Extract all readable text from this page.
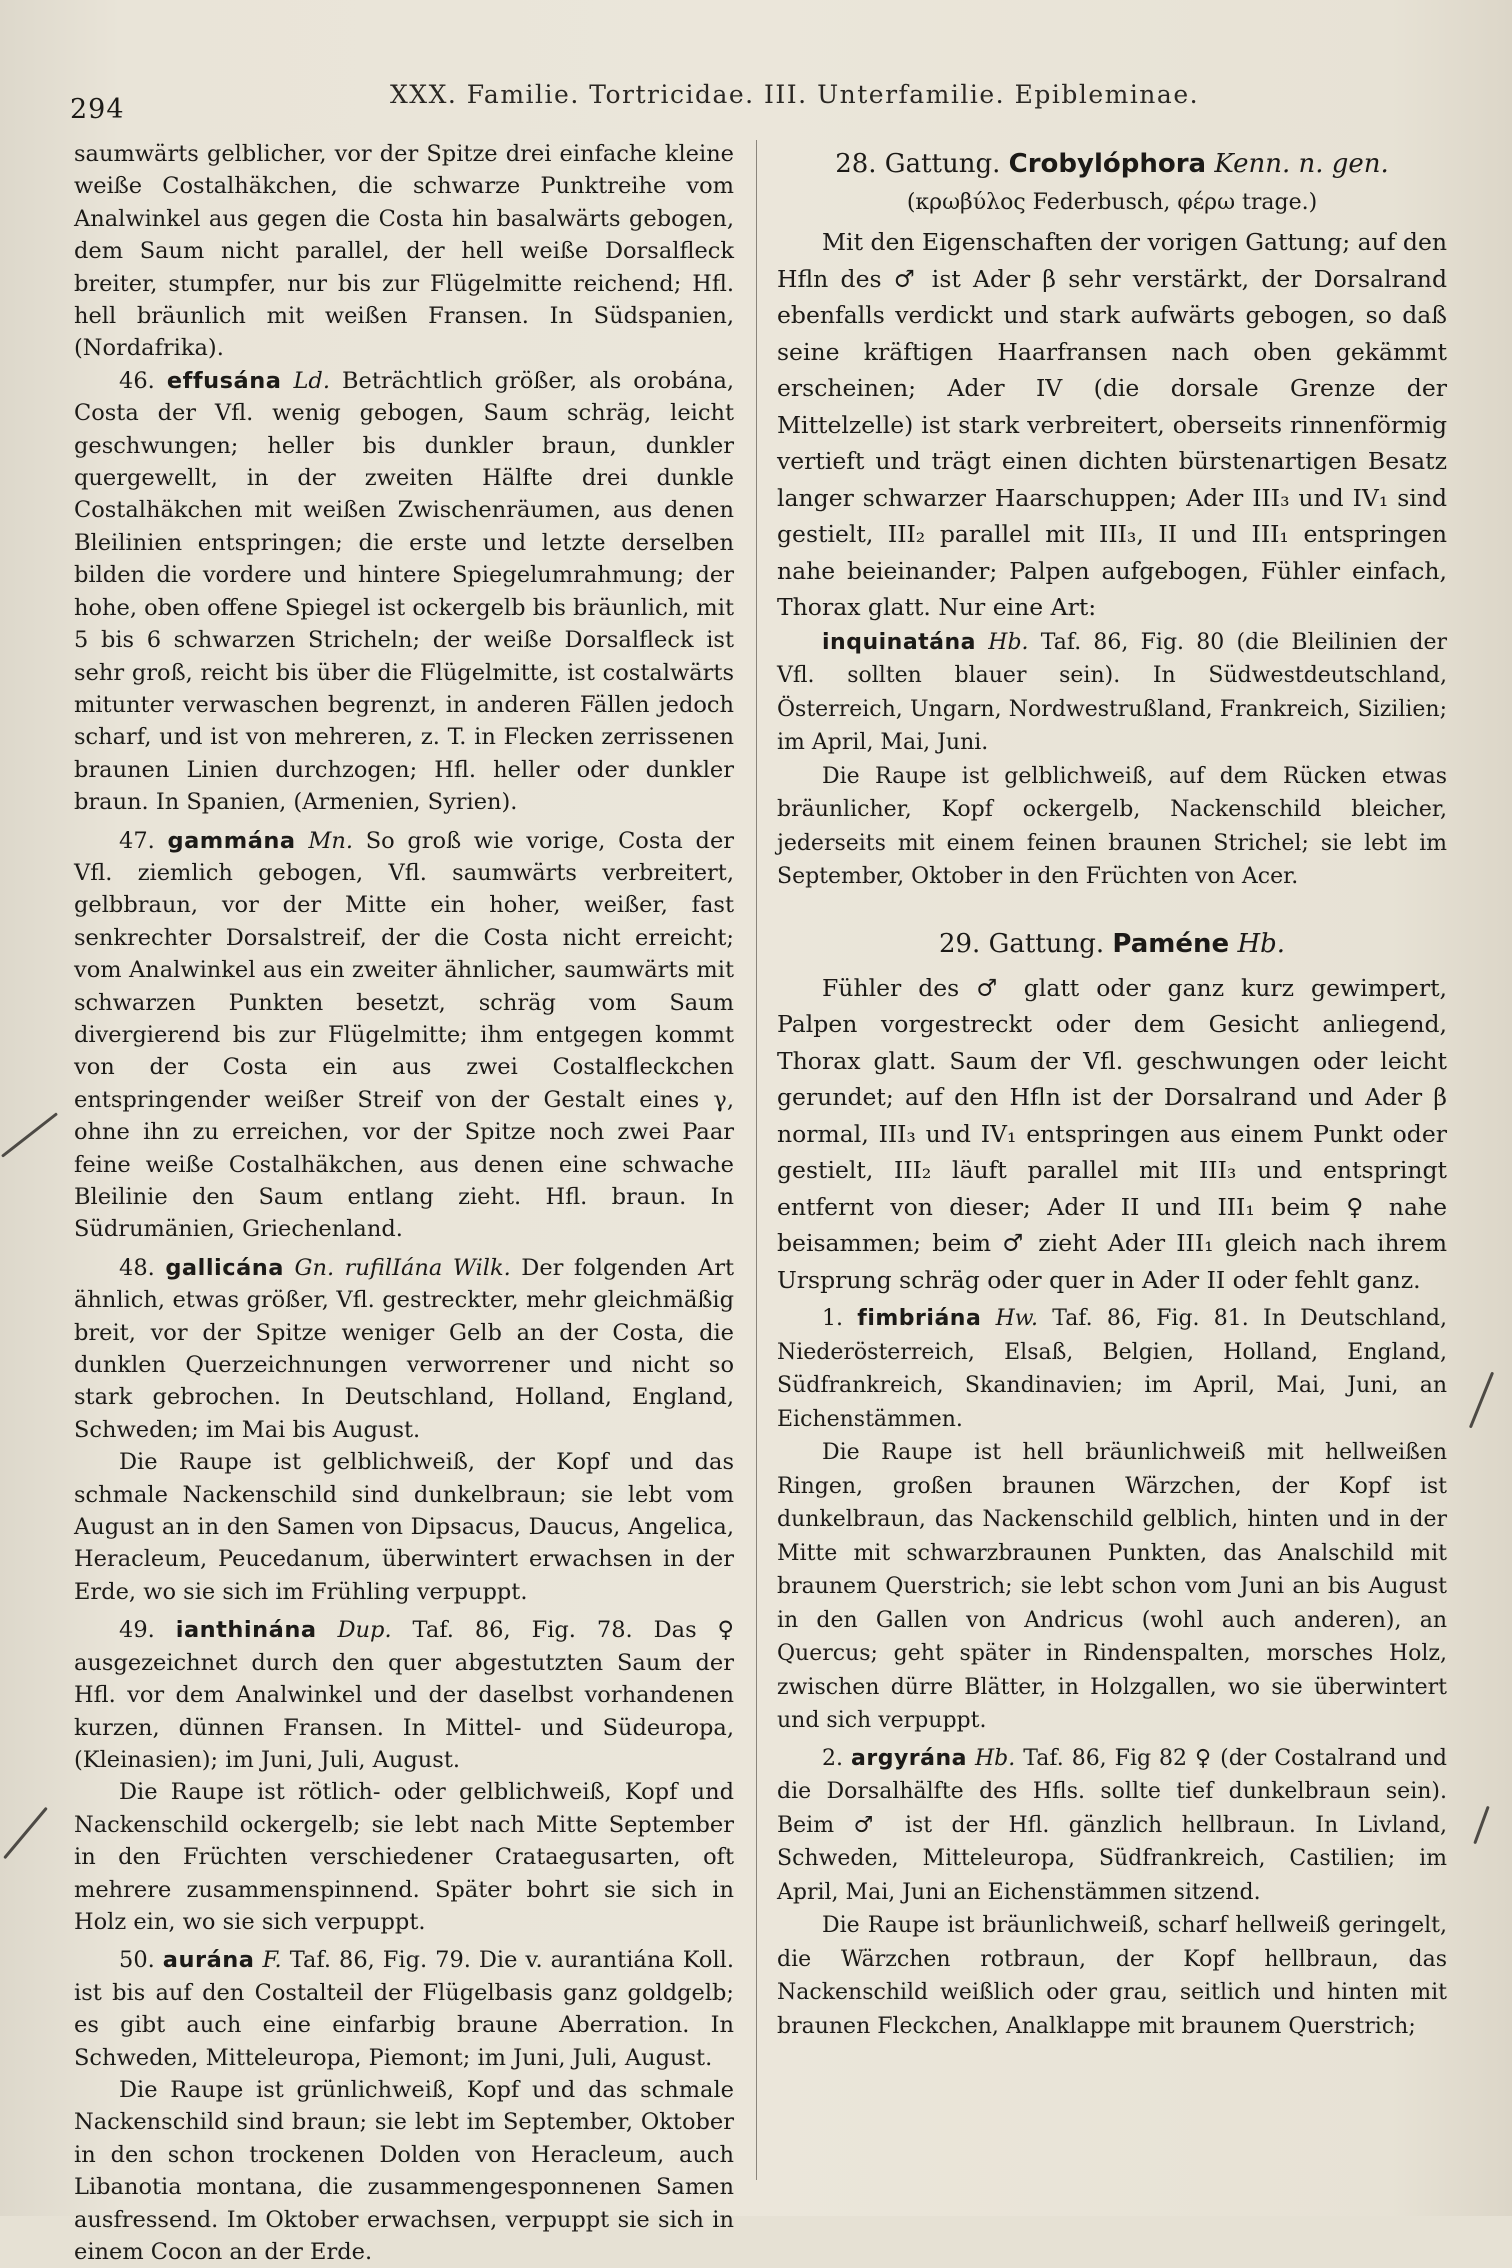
294	XXX. Familie. Tortricidae. III. Unterfamilie. Epibleminae.

saumwärts gelblicher, vor der Spitze drei einfache kleine weiße Costalhäkchen, die schwarze Punktreihe vom Analwinkel aus gegen die Costa hin basalwärts gebogen, dem Saum nicht parallel, der hell weiße Dorsalfleck breiter, stumpfer, nur bis zur Flügelmitte reichend; Hfl. hell bräunlich mit weißen Fransen. In Südspanien, (Nordafrika).

46. effusána Ld. Beträchtlich größer, als orobána, Costa der Vfl. wenig gebogen, Saum schräg, leicht geschwungen; heller bis dunkler braun, dunkler quergewellt, in der zweiten Hälfte drei dunkle Costalhäkchen mit weißen Zwischenräumen, aus denen Bleilinien entspringen; die erste und letzte derselben bilden die vordere und hintere Spiegelumrahmung; der hohe, oben offene Spiegel ist ockergelb bis bräunlich, mit 5 bis 6 schwarzen Stricheln; der weiße Dorsalfleck ist sehr groß, reicht bis über die Flügelmitte, ist costalwärts mitunter verwaschen begrenzt, in anderen Fällen jedoch scharf, und ist von mehreren, z. T. in Flecken zerrissenen braunen Linien durchzogen; Hfl. heller oder dunkler braun. In Spanien, (Armenien, Syrien).

47. gammána Mn. So groß wie vorige, Costa der Vfl. ziemlich gebogen, Vfl. saumwärts verbreitert, gelbbraun, vor der Mitte ein hoher, weißer, fast senkrechter Dorsalstreif, der die Costa nicht erreicht; vom Analwinkel aus ein zweiter ähnlicher, saumwärts mit schwarzen Punkten besetzt, schräg vom Saum divergierend bis zur Flügelmitte; ihm entgegen kommt von der Costa ein aus zwei Costalfleckchen entspringender weißer Streif von der Gestalt eines γ, ohne ihn zu erreichen, vor der Spitze noch zwei Paar feine weiße Costalhäkchen, aus denen eine schwache Bleilinie den Saum entlang zieht. Hfl. braun. In Südrumänien, Griechenland.

48. gallicána Gn. rufilIána Wilk. Der folgenden Art ähnlich, etwas größer, Vfl. gestreckter, mehr gleichmäßig breit, vor der Spitze weniger Gelb an der Costa, die dunklen Querzeichnungen verworrener und nicht so stark gebrochen. In Deutschland, Holland, England, Schweden; im Mai bis August.

Die Raupe ist gelblichweiß, der Kopf und das schmale Nackenschild sind dunkelbraun; sie lebt vom August an in den Samen von Dipsacus, Daucus, Angelica, Heracleum, Peucedanum, überwintert erwachsen in der Erde, wo sie sich im Frühling verpuppt.

49. ianthinána Dup. Taf. 86, Fig. 78. Das ♀ ausgezeichnet durch den quer abgestutzten Saum der Hfl. vor dem Analwinkel und der daselbst vorhandenen kurzen, dünnen Fransen. In Mittel- und Südeuropa, (Kleinasien); im Juni, Juli, August.

Die Raupe ist rötlich- oder gelblichweiß, Kopf und Nackenschild ockergelb; sie lebt nach Mitte September in den Früchten verschiedener Crataegusarten, oft mehrere zusammenspinnend. Später bohrt sie sich in Holz ein, wo sie sich verpuppt.

50. aurána F. Taf. 86, Fig. 79. Die v. aurantiána Koll. ist bis auf den Costalteil der Flügelbasis ganz goldgelb; es gibt auch eine einfarbig braune Aberration. In Schweden, Mitteleuropa, Piemont; im Juni, Juli, August.

Die Raupe ist grünlichweiß, Kopf und das schmale Nackenschild sind braun; sie lebt im September, Oktober in den schon trockenen Dolden von Heracleum, auch Libanotia montana, die zusammengesponnenen Samen ausfressend. Im Oktober erwachsen, verpuppt sie sich in einem Cocon an der Erde.

28. Gattung. Crobylóphora Kenn. n. gen.
(κρωβύλος Federbusch, φέρω trage.)

Mit den Eigenschaften der vorigen Gattung; auf den Hfln des ♂ ist Ader β sehr verstärkt, der Dorsalrand ebenfalls verdickt und stark aufwärts gebogen, so daß seine kräftigen Haarfransen nach oben gekämmt erscheinen; Ader IV (die dorsale Grenze der Mittelzelle) ist stark verbreitert, oberseits rinnenförmig vertieft und trägt einen dichten bürstenartigen Besatz langer schwarzer Haarschuppen; Ader III₃ und IV₁ sind gestielt, III₂ parallel mit III₃, II und III₁ entspringen nahe beieinander; Palpen aufgebogen, Fühler einfach, Thorax glatt. Nur eine Art:

inquinatána Hb. Taf. 86, Fig. 80 (die Bleilinien der Vfl. sollten blauer sein). In Südwestdeutschland, Österreich, Ungarn, Nordwestrußland, Frankreich, Sizilien; im April, Mai, Juni.

Die Raupe ist gelblichweiß, auf dem Rücken etwas bräunlicher, Kopf ockergelb, Nackenschild bleicher, jederseits mit einem feinen braunen Strichel; sie lebt im September, Oktober in den Früchten von Acer.

29. Gattung. Paméne Hb.

Fühler des ♂ glatt oder ganz kurz gewimpert, Palpen vorgestreckt oder dem Gesicht anliegend, Thorax glatt. Saum der Vfl. geschwungen oder leicht gerundet; auf den Hfln ist der Dorsalrand und Ader β normal, III₃ und IV₁ entspringen aus einem Punkt oder gestielt, III₂ läuft parallel mit III₃ und entspringt entfernt von dieser; Ader II und III₁ beim ♀ nahe beisammen; beim ♂ zieht Ader III₁ gleich nach ihrem Ursprung schräg oder quer in Ader II oder fehlt ganz.

1. fimbriána Hw. Taf. 86, Fig. 81. In Deutschland, Niederösterreich, Elsaß, Belgien, Holland, England, Südfrankreich, Skandinavien; im April, Mai, Juni, an Eichenstämmen.

Die Raupe ist hell bräunlichweiß mit hellweißen Ringen, großen braunen Wärzchen, der Kopf ist dunkelbraun, das Nackenschild gelblich, hinten und in der Mitte mit schwarzbraunen Punkten, das Analschild mit braunem Querstrich; sie lebt schon vom Juni an bis August in den Gallen von Andricus (wohl auch anderen), an Quercus; geht später in Rindenspalten, morsches Holz, zwischen dürre Blätter, in Holzgallen, wo sie überwintert und sich verpuppt.

2. argyrána Hb. Taf. 86, Fig 82 ♀ (der Costalrand und die Dorsalhälfte des Hfls. sollte tief dunkelbraun sein). Beim ♂ ist der Hfl. gänzlich hellbraun. In Livland, Schweden, Mitteleuropa, Südfrankreich, Castilien; im April, Mai, Juni an Eichenstämmen sitzend.

Die Raupe ist bräunlichweiß, scharf hellweiß geringelt, die Wärzchen rotbraun, der Kopf hellbraun, das Nackenschild weißlich oder grau, seitlich und hinten mit braunen Fleckchen, Analklappe mit braunem Querstrich;
